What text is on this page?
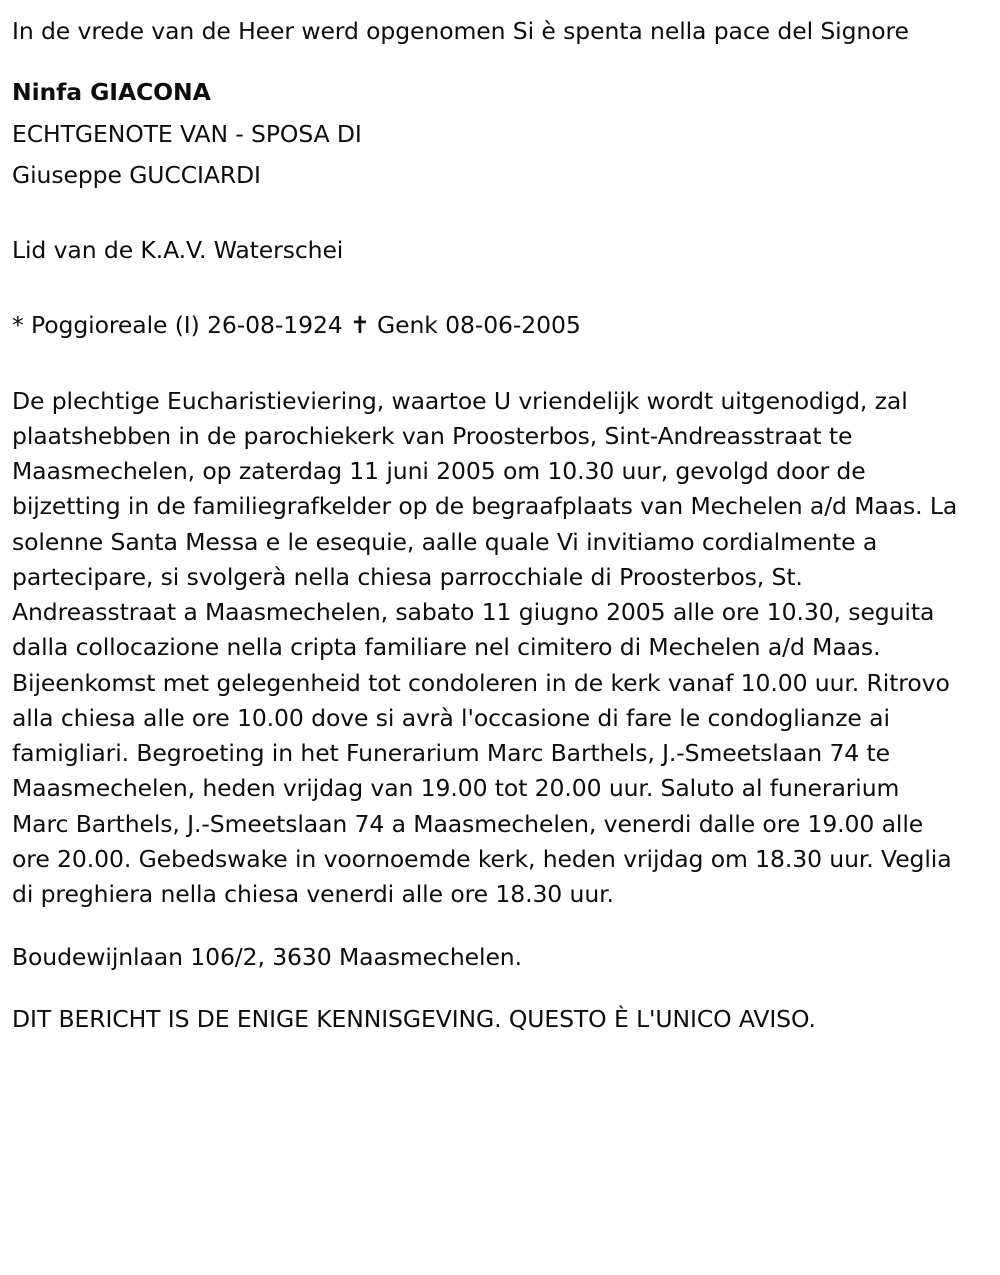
In de vrede van de Heer werd opgenomen Si è spenta nella pace del Signore

Ninfa GIACONA

ECHTGENOTE VAN - SPOSA DI

Giuseppe GUCCIARDI

Lid van de K.A.V. Waterschei

* Poggioreale (I) 26-08-1924 ✝ Genk 08-06-2005

De plechtige Eucharistieviering, waartoe U vriendelijk wordt uitgenodigd, zal plaatshebben in de parochiekerk van Proosterbos, Sint-Andreasstraat te Maasmechelen, op zaterdag 11 juni 2005 om 10.30 uur, gevolgd door de bijzetting in de familiegrafkelder op de begraafplaats van Mechelen a/d Maas. La solenne Santa Messa e le esequie, aalle quale Vi invitiamo cordialmente a partecipare, si svolgerà nella chiesa parrocchiale di Proosterbos, St. Andreasstraat a Maasmechelen, sabato 11 giugno 2005 alle ore 10.30, seguita dalla collocazione nella cripta familiare nel cimitero di Mechelen a/d Maas. Bijeenkomst met gelegenheid tot condoleren in de kerk vanaf 10.00 uur. Ritrovo alla chiesa alle ore 10.00 dove si avrà l'occasione di fare le condoglianze ai famigliari. Begroeting in het Funerarium Marc Barthels, J.-Smeetslaan 74 te Maasmechelen, heden vrijdag van 19.00 tot 20.00 uur. Saluto al funerarium Marc Barthels, J.-Smeetslaan 74 a Maasmechelen, venerdi dalle ore 19.00 alle ore 20.00. Gebedswake in voornoemde kerk, heden vrijdag om 18.30 uur. Veglia di preghiera nella chiesa venerdi alle ore 18.30 uur.

Boudewijnlaan 106/2, 3630 Maasmechelen.

DIT BERICHT IS DE ENIGE KENNISGEVING. QUESTO È L'UNICO AVISO.
